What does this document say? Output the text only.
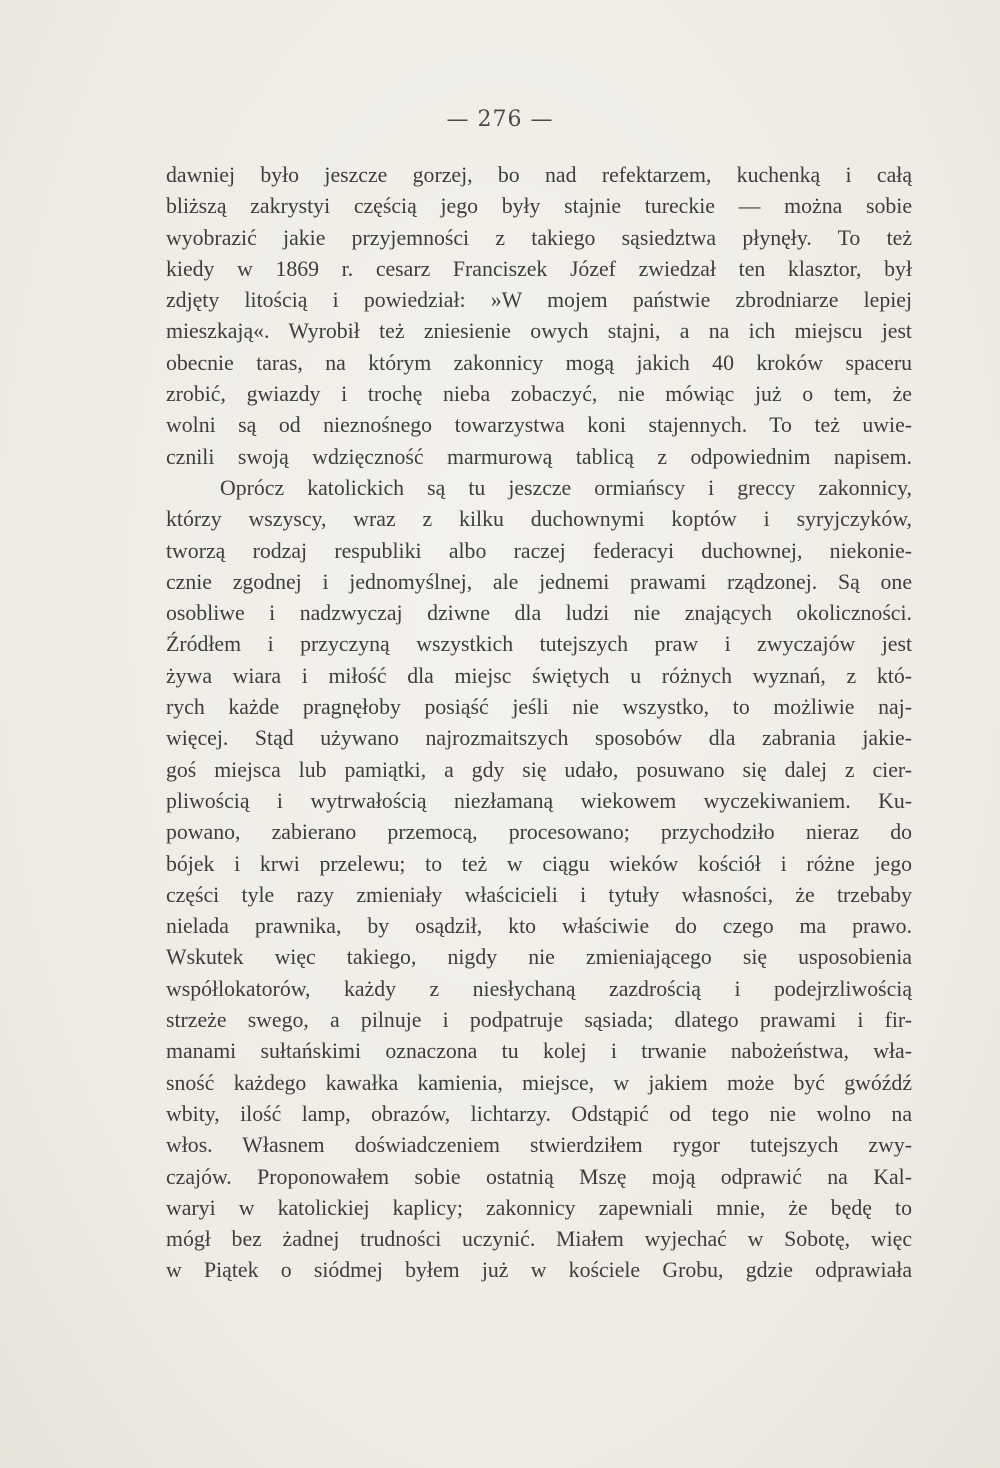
— 276 —
dawniej było jeszcze gorzej, bo nad refektarzem, kuchenką i całą
bliższą zakrystyi częścią jego były stajnie tureckie — można sobie
wyobrazić jakie przyjemności z takiego sąsiedztwa płynęły. To też
kiedy w 1869 r. cesarz Franciszek Józef zwiedzał ten klasztor, był
zdjęty litością i powiedział: »W mojem państwie zbrodniarze lepiej
mieszkają«. Wyrobił też zniesienie owych stajni, a na ich miejscu jest
obecnie taras, na którym zakonnicy mogą jakich 40 kroków spaceru
zrobić, gwiazdy i trochę nieba zobaczyć, nie mówiąc już o tem, że
wolni są od nieznośnego towarzystwa koni stajennych. To też uwie-
cznili swoją wdzięczność marmurową tablicą z odpowiednim napisem.
Oprócz katolickich są tu jeszcze ormiańscy i greccy zakonnicy,
którzy wszyscy, wraz z kilku duchownymi koptów i syryjczyków,
tworzą rodzaj respubliki albo raczej federacyi duchownej, niekonie-
cznie zgodnej i jednomyślnej, ale jednemi prawami rządzonej. Są one
osobliwe i nadzwyczaj dziwne dla ludzi nie znających okoliczności.
Źródłem i przyczyną wszystkich tutejszych praw i zwyczajów jest
żywa wiara i miłość dla miejsc świętych u różnych wyznań, z któ-
rych każde pragnęłoby posiąść jeśli nie wszystko, to możliwie naj-
więcej. Stąd używano najrozmaitszych sposobów dla zabrania jakie-
goś miejsca lub pamiątki, a gdy się udało, posuwano się dalej z cier-
pliwością i wytrwałością niezłamaną wiekowem wyczekiwaniem. Ku-
powano, zabierano przemocą, procesowano; przychodziło nieraz do
bójek i krwi przelewu; to też w ciągu wieków kościół i różne jego
części tyle razy zmieniały właścicieli i tytuły własności, że trzebaby
nielada prawnika, by osądził, kto właściwie do czego ma prawo.
Wskutek więc takiego, nigdy nie zmieniającego się usposobienia
współlokatorów, każdy z niesłychaną zazdrością i podejrzliwością
strzeże swego, a pilnuje i podpatruje sąsiada; dlatego prawami i fir-
manami sułtańskimi oznaczona tu kolej i trwanie nabożeństwa, wła-
sność każdego kawałka kamienia, miejsce, w jakiem może być gwóźdź
wbity, ilość lamp, obrazów, lichtarzy. Odstąpić od tego nie wolno na
włos. Własnem doświadczeniem stwierdziłem rygor tutejszych zwy-
czajów. Proponowałem sobie ostatnią Mszę moją odprawić na Kal-
waryi w katolickiej kaplicy; zakonnicy zapewniali mnie, że będę to
mógł bez żadnej trudności uczynić. Miałem wyjechać w Sobotę, więc
w Piątek o siódmej byłem już w kościele Grobu, gdzie odprawiała
